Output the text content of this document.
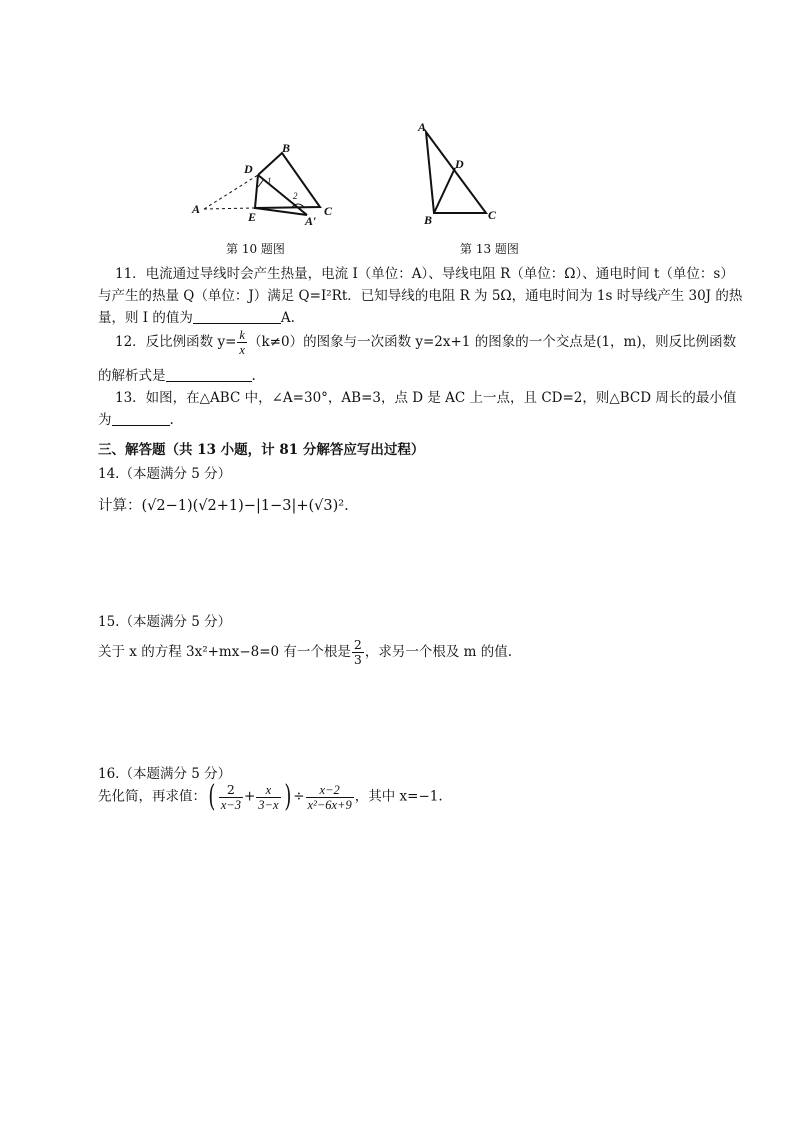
A
B
C
D
E	A′
1
2
第 10 题图
A
B	C
D
第 13 题图
11．电流通过导线时会产生热量，电流 I（单位：A）、导线电阻 R（单位：Ω）、通电时间 t（单位：s）
与产生的热量 Q（单位：J）满足 Q=I²Rt．已知导线的电阻 R 为 5Ω，通电时间为 1s 时导线产生 30J 的热
量，则 I 的值为	A.
12．反比例函数 $y= \frac{k}{x} (k\ne 0)$的图象与一次函数 y=2x+1 的图象的一个交点是(1，m)，则反比例函数
的解析式是	.
13．如图，在△ABC 中，∠A=30°，AB=3，点 D 是 AC 上一点，且 CD=2，则△BCD 周长的最小值
为	.
三、解答题（共 13 小题，计 81 分解答应写出过程）
14.（本题满分 5 分）
计算：(√2−1)(√2+1)−|1−3|+(√3)².
15.（本题满分 5 分）
关于 x 的方程 3x²+mx−8=0 有一个根是 $\frac{2}{3}$ ，求另一个根及 m 的值.
16.（本题满分 5 分）
先化简，再求值：( $\frac{2}{x-3} + \frac{x}{3-x}$ ) ÷ $\frac{x-2}{\text{x²−6x+9}}$ ，其中 x=−1.
